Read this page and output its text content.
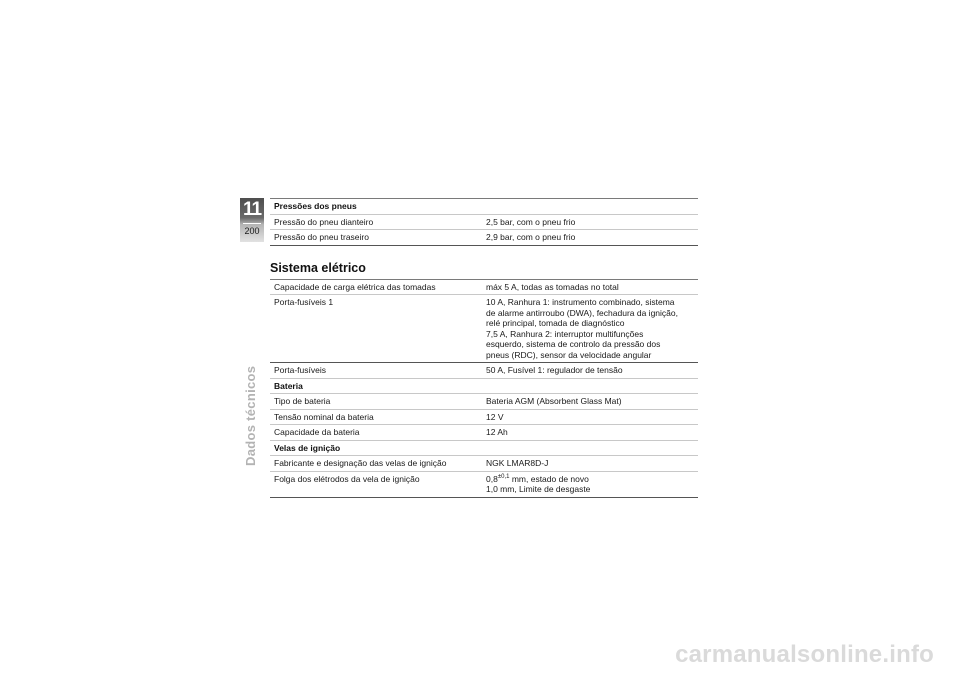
11
200
Dados técnicos
Pressões dos pneus
Pressão do pneu dianteiro	2,5 bar, com o pneu frio
Pressão do pneu traseiro	2,9 bar, com o pneu frio
Sistema elétrico
Capacidade de carga elétrica das tomadas	máx 5 A, todas as tomadas no total
Porta-fusíveis 1	10 A, Ranhura 1: instrumento combinado, sistema
de alarme antirroubo (DWA), fechadura da ignição,
relé principal, tomada de diagnóstico
7,5 A, Ranhura 2: interruptor multifunções
esquerdo, sistema de controlo da pressão dos
pneus (RDC), sensor da velocidade angular
Porta-fusíveis	50 A, Fusível 1: regulador de tensão
Bateria
Tipo de bateria	Bateria AGM (Absorbent Glass Mat)
Tensão nominal da bateria	12 V
Capacidade da bateria	12 Ah
Velas de ignição
Fabricante e designação das velas de ignição	NGK LMAR8D-J
Folga dos elétrodos da vela de ignição	$0,8^{\pm 0,1}$ mm, estado de novo
1,0 mm, Limite de desgaste
carmanualsonline.info
